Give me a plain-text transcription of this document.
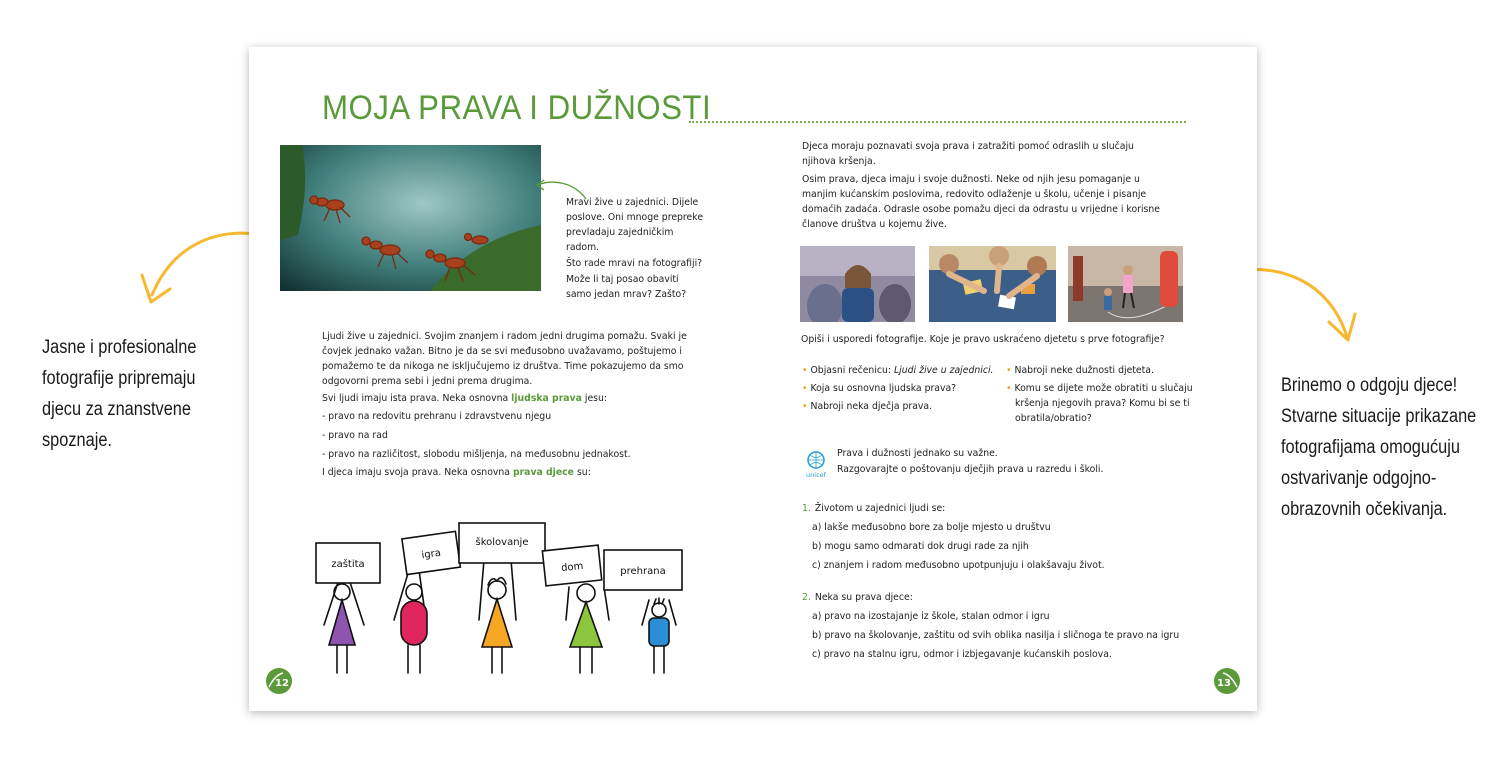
Jasne i profesionalne fotografije pripremaju djecu za znanstvene spoznaje.
Brinemo o odgoju djece! Stvarne situacije prikazane fotografijama omogućuju ostvarivanje odgojno-obrazovnih očekivanja.
MOJA PRAVA I DUŽNOSTI

Mravi žive u zajednici. Dijele poslove. Oni mnoge prepreke prevladaju zajedničkim radom.

Što rade mravi na fotografiji?

Može li taj posao obaviti samo jedan mrav? Zašto?

Ljudi žive u zajednici. Svojim znanjem i radom jedni drugima pomažu. Svaki je čovjek jednako važan. Bitno je da se svi međusobno uvažavamo, poštujemo i pomažemo te da nikoga ne isključujemo iz društva. Time pokazujemo da smo odgovorni prema sebi i jedni prema drugima.

Svi ljudi imaju ista prava. Neka osnovna ljudska prava jesu:

- pravo na redovitu prehranu i zdravstvenu njegu

- pravo na rad

- pravo na različitost, slobodu mišljenja, na međusobnu jednakost.

I djeca imaju svoja prava. Neka osnovna prava djece su:

zaštita
igra
školovanje
dom	prehrana

Djeca moraju poznavati svoja prava i zatražiti pomoć odraslih u slučaju njihova kršenja.

Osim prava, djeca imaju i svoje dužnosti. Neke od njih jesu pomaganje u manjim kućanskim poslovima, redovito odlaženje u školu, učenje i pisanje domaćih zadaća. Odrasle osobe pomažu djeci da odrastu u vrijedne i korisne članove društva u kojemu žive.

Opiši i usporedi fotografije. Koje je pravo uskraćeno djetetu s prve fotografije?

• Objasni rečenicu: Ljudi žive u zajednici.

• Koja su osnovna ljudska prava?

• Nabroji neka dječja prava.

• Nabroji neke dužnosti djeteta.

• Komu se dijete može obratiti u slučaju kršenja njegovih prava? Komu bi se ti obratila/obratio?

unicef

Prava i dužnosti jednako su važne.

Razgovarajte o poštovanju dječjih prava u razredu i školi.

1. Životom u zajednici ljudi se:

a) lakše međusobno bore za bolje mjesto u društvu

b) mogu samo odmarati dok drugi rade za njih

c) znanjem i radom međusobno upotpunjuju i olakšavaju život.

2. Neka su prava djece:

a) pravo na izostajanje iz škole, stalan odmor i igru

b) pravo na školovanje, zaštitu od svih oblika nasilja i sličnoga te pravo na igru

c) pravo na stalnu igru, odmor i izbjegavanje kućanskih poslova.

12	13
